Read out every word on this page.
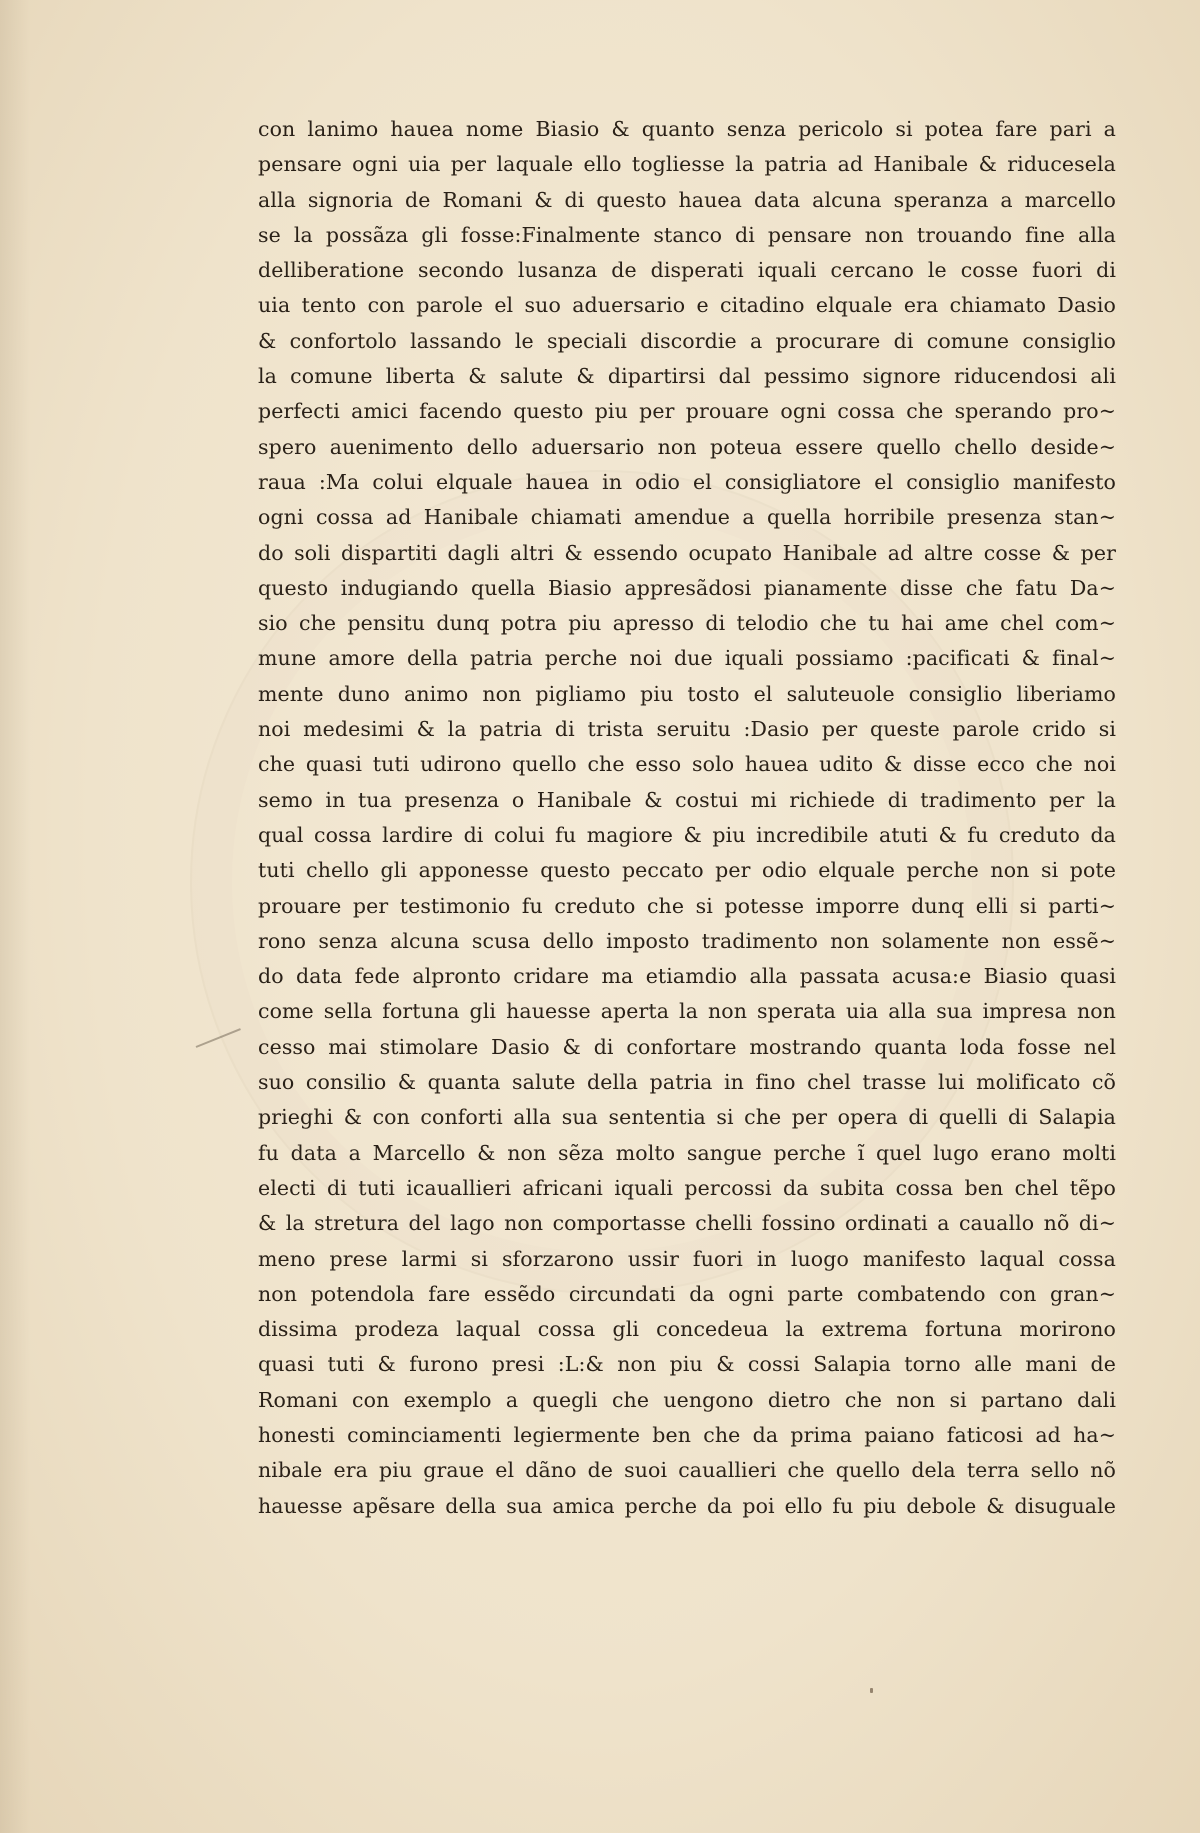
con lanimo hauea nome Biasio & quanto senza pericolo si potea fare pari a
pensare ogni uia per laquale ello togliesse la patria ad Hanibale & riducesela
alla signoria de Romani & di questo hauea data alcuna speranza a marcello
se la possãza gli fosse:Finalmente stanco di pensare non trouando fine alla
delliberatione secondo lusanza de disperati iquali cercano le cosse fuori di
uia tento con parole el suo aduersario e citadino elquale era chiamato Dasio
& confortolo lassando le speciali discordie a procurare di comune consiglio
la comune liberta & salute & dipartirsi dal pessimo signore riducendosi ali
perfecti amici facendo questo piu per prouare ogni cossa che sperando pro~
spero auenimento dello aduersario non poteua essere quello chello deside~
raua :Ma colui elquale hauea in odio el consigliatore el consiglio manifesto
ogni cossa ad Hanibale chiamati amendue a quella horribile presenza stan~
do soli dispartiti dagli altri & essendo ocupato Hanibale ad altre cosse & per
questo indugiando quella Biasio appresãdosi pianamente disse che fatu Da~
sio che pensitu dunq potra piu apresso di telodio che tu hai ame chel com~
mune amore della patria perche noi due iquali possiamo :pacificati & final~
mente duno animo non pigliamo piu tosto el saluteuole consiglio liberiamo
noi medesimi & la patria di trista seruitu :Dasio per queste parole crido si
che quasi tuti udirono quello che esso solo hauea udito & disse ecco che noi
semo in tua presenza o Hanibale & costui mi richiede di tradimento per la
qual cossa lardire di colui fu magiore & piu incredibile atuti & fu creduto da
tuti chello gli apponesse questo peccato per odio elquale perche non si pote
prouare per testimonio fu creduto che si potesse imporre dunq elli si parti~
rono senza alcuna scusa dello imposto tradimento non solamente non essẽ~
do data fede alpronto cridare ma etiamdio alla passata acusa:e Biasio quasi
come sella fortuna gli hauesse aperta la non sperata uia alla sua impresa non
cesso mai stimolare Dasio & di confortare mostrando quanta loda fosse nel
suo consilio & quanta salute della patria in fino chel trasse lui molificato cõ
prieghi & con conforti alla sua sententia si che per opera di quelli di Salapia
fu data a Marcello & non sẽza molto sangue perche ĩ quel lugo erano molti
electi di tuti icauallieri africani iquali percossi da subita cossa ben chel tẽpo
& la stretura del lago non comportasse chelli fossino ordinati a cauallo nõ di~
meno prese larmi si sforzarono ussir fuori in luogo manifesto laqual cossa
non potendola fare essẽdo circundati da ogni parte combatendo con gran~
dissima prodeza laqual cossa gli concedeua la extrema fortuna morirono
quasi tuti & furono presi :L:& non piu & cossi Salapia torno alle mani de
Romani con exemplo a quegli che uengono dietro che non si partano dali
honesti cominciamenti legiermente ben che da prima paiano faticosi ad ha~
nibale era piu graue el dãno de suoi cauallieri che quello dela terra sello nõ
hauesse apẽsare della sua amica perche da poi ello fu piu debole & disuguale
